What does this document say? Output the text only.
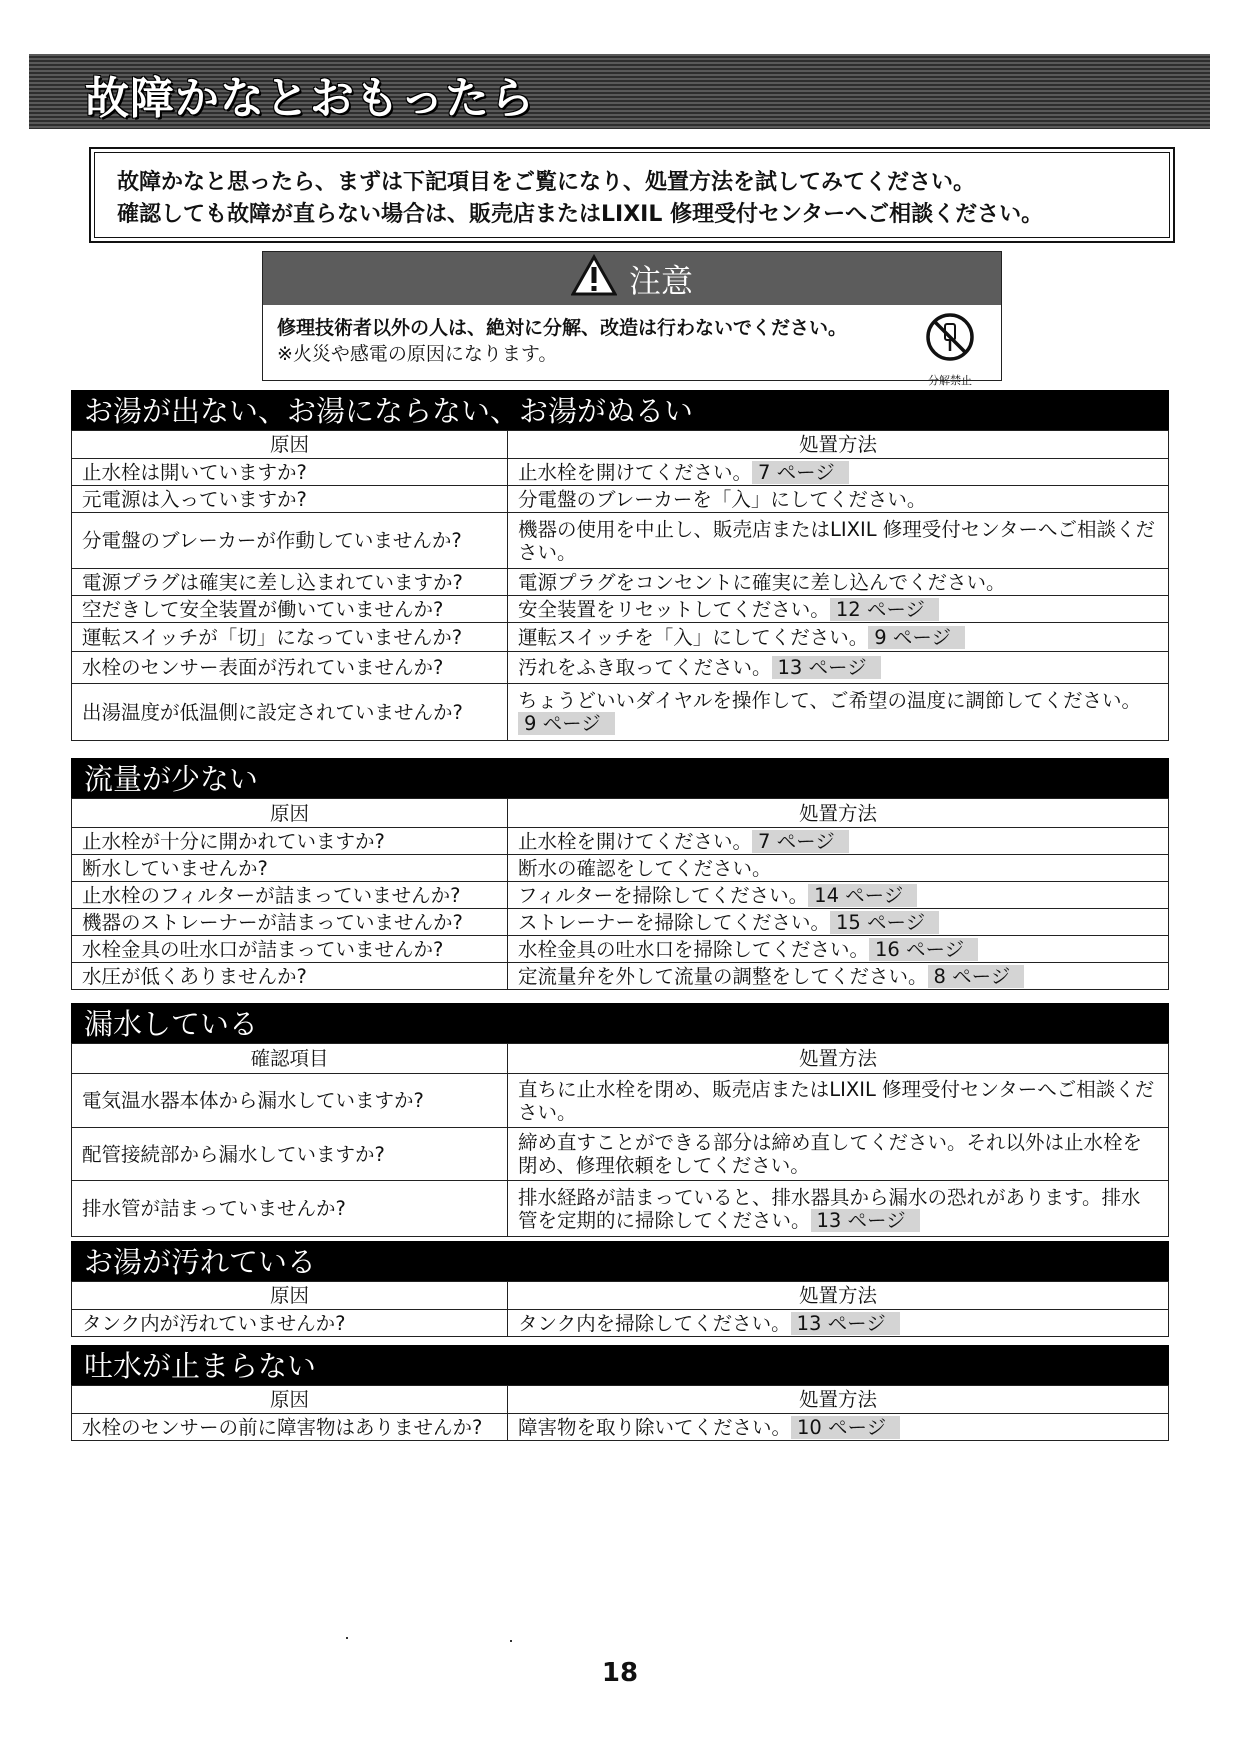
故障かなとおもったら
故障かなと思ったら、まずは下記項目をご覧になり、処置方法を試してみてください。
確認しても故障が直らない場合は、販売店またはLIXIL 修理受付センターへご相談ください。
注意
修理技術者以外の人は、絶対に分解、改造は行わないでください。
※火災や感電の原因になります。
分解禁止
お湯が出ない、お湯にならない、お湯がぬるい
原因	処置方法
止水栓は開いていますか?	止水栓を開けてください。 7 ページ
元電源は入っていますか?	分電盤のブレーカーを「入」にしてください。
分電盤のブレーカーが作動していませんか?	機器の使用を中止し、販売店またはLIXIL 修理受付センターへご相談ください。
電源プラグは確実に差し込まれていますか?	電源プラグをコンセントに確実に差し込んでください。
空だきして安全装置が働いていませんか?	安全装置をリセットしてください。 12 ページ
運転スイッチが「切」になっていませんか?	運転スイッチを「入」にしてください。 9 ページ
水栓のセンサー表面が汚れていませんか?	汚れをふき取ってください。 13 ページ
出湯温度が低温側に設定されていませんか?	ちょうどいいダイヤルを操作して、ご希望の温度に調節してください。9 ページ
流量が少ない
原因	処置方法
止水栓が十分に開かれていますか?	止水栓を開けてください。 7 ページ
断水していませんか?	断水の確認をしてください。
止水栓のフィルターが詰まっていませんか?	フィルターを掃除してください。 14 ページ
機器のストレーナーが詰まっていませんか?	ストレーナーを掃除してください。 15 ページ
水栓金具の吐水口が詰まっていませんか?	水栓金具の吐水口を掃除してください。 16 ページ
水圧が低くありませんか?	定流量弁を外して流量の調整をしてください。 8 ページ
漏水している
確認項目	処置方法
電気温水器本体から漏水していますか?	直ちに止水栓を閉め、販売店またはLIXIL 修理受付センターへご相談ください。
配管接続部から漏水していますか?	締め直すことができる部分は締め直してください。それ以外は止水栓を閉め、修理依頼をしてください。
排水管が詰まっていませんか?	排水経路が詰まっていると、排水器具から漏水の恐れがあります。排水管を定期的に掃除してください。 13 ページ
お湯が汚れている
原因	処置方法
タンク内が汚れていませんか?	タンク内を掃除してください。 13 ページ
吐水が止まらない
原因	処置方法
水栓のセンサーの前に障害物はありませんか?	障害物を取り除いてください。 10 ページ
18
